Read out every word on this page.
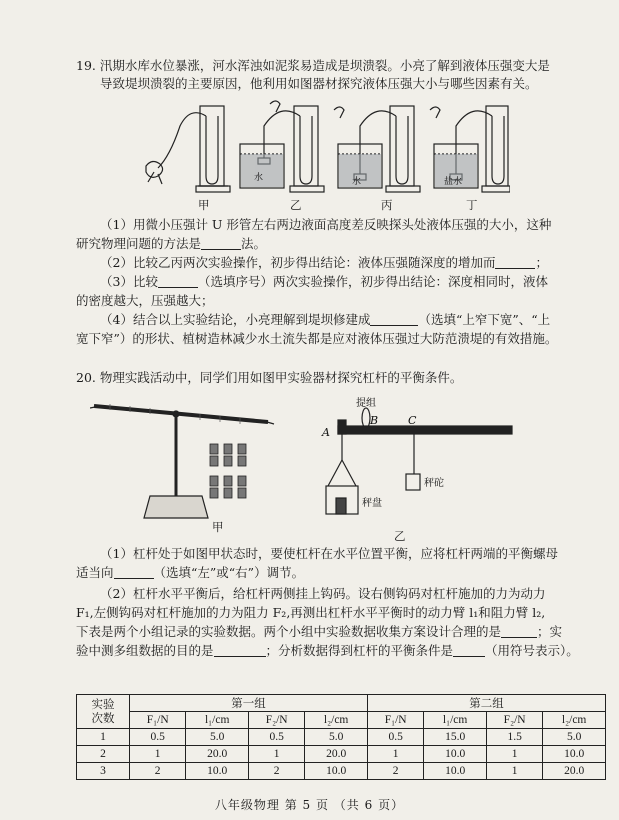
19. 汛期水库水位暴涨，河水浑浊如泥浆易造成是坝溃裂。小亮了解到液体压强变大是
导致堤坝溃裂的主要原因，他利用如图器材探究液体压强大小与哪些因素有关。
水	水	盐水
甲	乙	丙	丁
（1）用微小压强计 U 形管左右两边液面高度差反映探头处液体压强的大小，这种
研究物理问题的方法是	法。
（2）比较乙丙两次实验操作，初步得出结论：液体压强随深度的增加而	；
（3）比较	（选填序号）两次实验操作，初步得出结论：深度相同时，液体
的密度越大，压强越大；
（4）结合以上实验结论，小亮理解到堤坝修建成	（选填“上窄下宽”、“上
宽下窄”）的形状、植树造林减少水土流失都是应对液体压强过大防范溃堤的有效措施。
20. 物理实践活动中，同学们用如图甲实验器材探究杠杆的平衡条件。
甲
提组
A
B	C
秤盘
秤砣
乙
（1）杠杆处于如图甲状态时，要使杠杆在水平位置平衡，应将杠杆两端的平衡螺母
适当向	（选填“左”或“右”）调节。
（2）杠杆水平平衡后，给杠杆两侧挂上钩码。设右侧钩码对杠杆施加的力为动力
F₁,左侧钩码对杠杆施加的力为阻力 F₂,再测出杠杆水平平衡时的动力臂 l₁和阻力臂 l₂,
下表是两个小组记录的实验数据。两个小组中实验数据收集方案设计合理的是	；实
验中测多组数据的目的是	；分析数据得到杠杆的平衡条件是	（用符号表示）。
实验
次数	第一组				第二组			
	F₁/N	l₁/cm	F₂/N	l₂/cm	F₁/N	l₁/cm	F₂/N	l₂/cm
1	0.5	5.0	0.5	5.0	0.5	15.0	1.5	5.0
2	1	20.0	1	20.0	1	10.0	1	10.0
3	2	10.0	2	10.0	2	10.0	1	20.0
八年级物理 第 5 页 （共 6 页）
